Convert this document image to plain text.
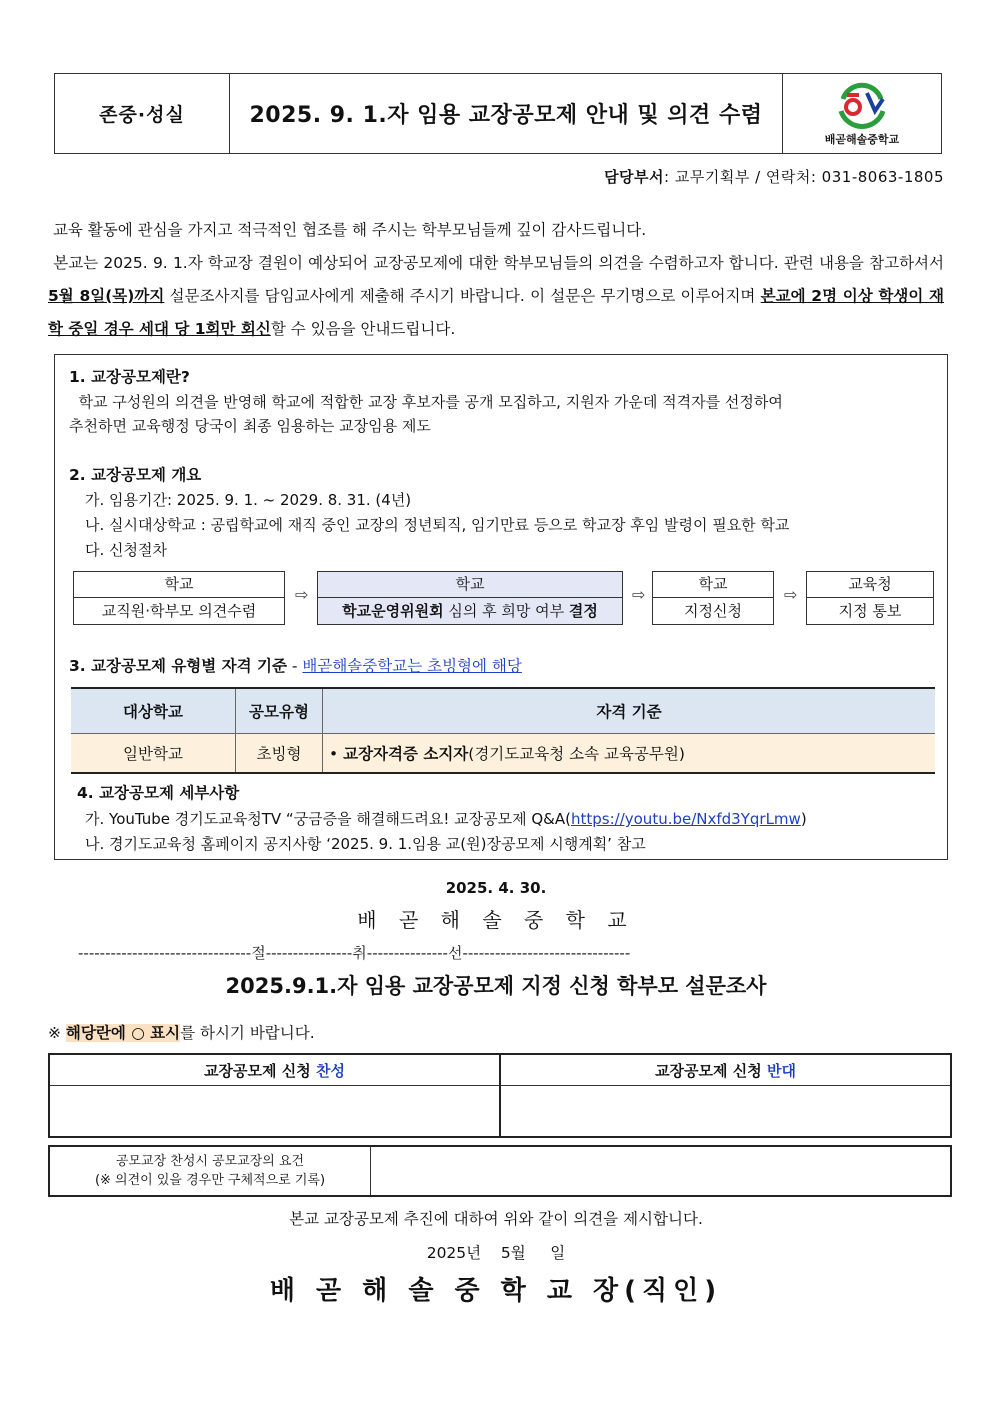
존중·성실	2025. 9. 1.자 임용 교장공모제 안내 및 의견 수렴
배곧해솔중학교
담당부서: 교무기획부 / 연락처: 031-8063-1805
교육 활동에 관심을 가지고 적극적인 협조를 해 주시는 학부모님들께 깊이 감사드립니다.
본교는 2025. 9. 1.자 학교장 결원이 예상되어 교장공모제에 대한 학부모님들의 의견을 수렴하고자 합니다. 관련 내용을 참고하셔서 5월 8일(목)까지 설문조사지를 담임교사에게 제출해 주시기 바랍니다. 이 설문은 무기명으로 이루어지며 본교에 2명 이상 학생이 재학 중일 경우 세대 당 1회만 회신할 수 있음을 안내드립니다.
1. 교장공모제란?
학교 구성원의 의견을 반영해 학교에 적합한 교장 후보자를 공개 모집하고, 지원자 가운데 적격자를 선정하여
추천하면 교육행정 당국이 최종 임용하는 교장임용 제도
2. 교장공모제 개요
가. 임용기간: 2025. 9. 1. ~ 2029. 8. 31. (4년)
나. 실시대상학교 : 공립학교에 재직 중인 교장의 정년퇴직, 임기만료 등으로 학교장 후임 발령이 필요한 학교
다. 신청절차
학교
교직원·학부모 의견수렴
⇨
학교
학교운영위원회 심의 후 희망 여부 결정
⇨
학교
지정신청
⇨
교육청
지정 통보
3. 교장공모제 유형별 자격 기준 - 배곧해솔중학교는 초빙형에 해당
대상학교	공모유형	자격 기준
일반학교	초빙형	• 교장자격증 소지자(경기도교육청 소속 교육공무원)
4. 교장공모제 세부사항
가. YouTube 경기도교육청TV “궁금증을 해결해드려요! 교장공모제 Q&A(https://youtu.be/Nxfd3YqrLmw)
나. 경기도교육청 홈페이지 공지사항 ‘2025. 9. 1.임용 교(원)장공모제 시행계획’ 참고
2025. 4. 30.
배 곧 해 솔 중 학 교
--------------------------------절----------------취---------------선-------------------------------
2025.9.1.자 임용 교장공모제 지정 신청 학부모 설문조사
※ 해당란에 ○ 표시를 하시기 바랍니다.
교장공모제 신청 찬성	교장공모제 신청 반대

공모교장 찬성시 공모교장의 요건
(※ 의견이 있을 경우만 구체적으로 기록)	
본교 교장공모제 추진에 대하여 위와 같이 의견을 제시합니다.
2025년    5월     일
배 곧 해 솔 중 학 교 장(직인)
